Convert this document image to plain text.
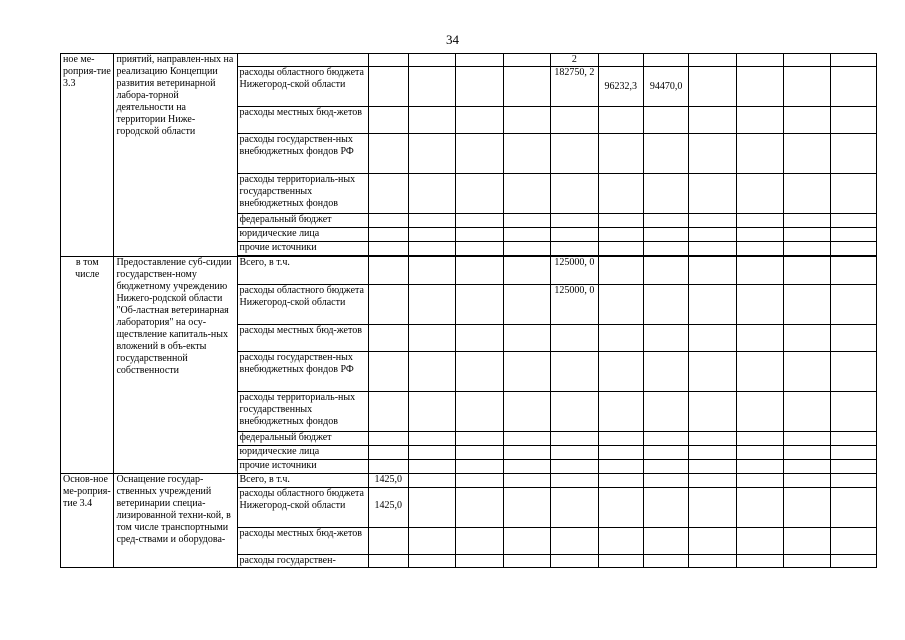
34
ное ме-роприя-тие 3.3	приятий, направлен-ных на реализацию Концепции развития ветеринарной лабора-торной деятельности на территории Ниже-городской области						2						
		расходы областного бюджета Нижегород-ской области					182750, 2	96232,3	94470,0				
		расходы местных бюд-жетов											
		расходы государствен-ных внебюджетных фондов РФ											
		расходы территориаль-ных государственных внебюджетных фондов											
		федеральный бюджет											
		юридические лица											
		прочие источники											

в том числе	Предоставление суб-сидии государствен-ному бюджетному учреждению Нижего-родской области "Об-ластная ветеринарная лаборатория" на осу-ществление капиталь-ных вложений в объ-екты государственной собственности	Всего, в т.ч.					125000, 0						
		расходы областного бюджета Нижегород-ской области					125000, 0						
		расходы местных бюд-жетов											
		расходы государствен-ных внебюджетных фондов РФ											
		расходы территориаль-ных государственных внебюджетных фондов											
		федеральный бюджет											
		юридические лица											
		прочие источники											
Основ-ное ме-роприя-тие 3.4	Оснащение государ-ственных учреждений ветеринарии специа-лизированной техни-кой, в том числе транспортными сред-ствами и оборудова-	Всего, в т.ч.	1425,0										
		расходы областного бюджета Нижегород-ской области	1425,0										
		расходы местных бюд-жетов											
		расходы государствен-											
